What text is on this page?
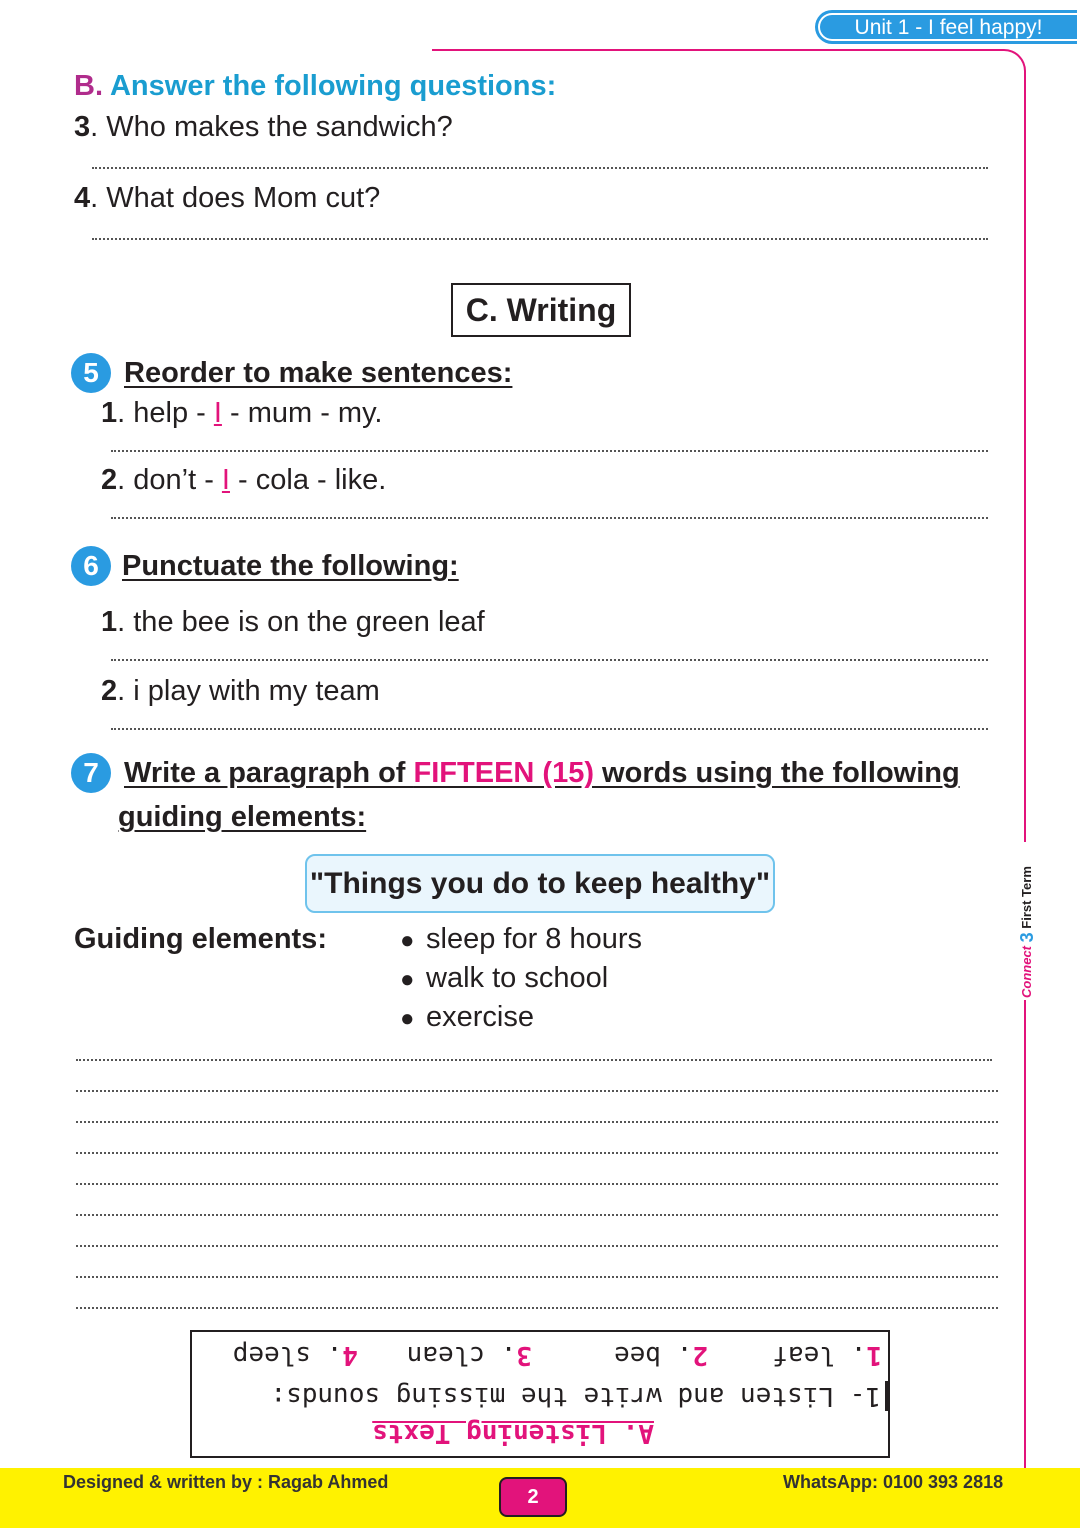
Unit 1 - I feel happy!
Connect 3 First Term
B. Answer the following questions:
3. Who makes the sandwich?
4. What does Mom cut?
C. Writing
5 Reorder to make sentences:
1. help - I - mum - my.
2. don’t - I - cola - like.
6 Punctuate the following:
1. the bee is on the green leaf
2. i play with my team
7 Write a paragraph of FIFTEEN (15) words using the following
guiding elements:
"Things you do to keep healthy"
Guiding elements:	● sleep for 8 hours
● walk to school
● exercise
A. Listening Texts
1- Listen and write the missing sounds:
1. leaf
2. bee
3. clean
4. sleep
Designed & written by : Ragab Ahmed
2
WhatsApp: 0100 393 2818
